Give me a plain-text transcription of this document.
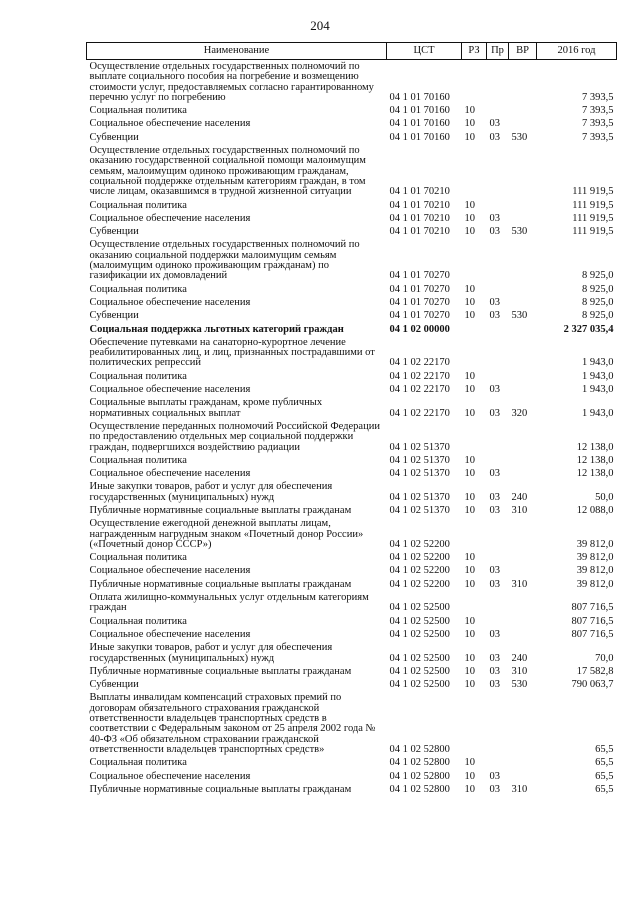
204
Наименование	ЦСТ	РЗ	Пр	ВР	2016 год
Осуществление отдельных государственных полномочий по выплате социального пособия на погребение и возмещению стоимости услуг, предоставляемых согласно гарантированному перечню услуг по погребению	04 1 01 70160				7 393,5
Социальная политика	04 1 01 70160	10			7 393,5
Социальное обеспечение населения	04 1 01 70160	10	03		7 393,5
Субвенции	04 1 01 70160	10	03	530	7 393,5
Осуществление отдельных государственных полномочий по оказанию государственной социальной помощи малоимущим семьям, малоимущим одиноко проживающим гражданам, социальной поддержке отдельным категориям граждан, в том числе лицам, оказавшимся в трудной жизненной ситуации	04 1 01 70210				111 919,5
Социальная политика	04 1 01 70210	10			111 919,5
Социальное обеспечение населения	04 1 01 70210	10	03		111 919,5
Субвенции	04 1 01 70210	10	03	530	111 919,5
Осуществление отдельных государственных полномочий по оказанию социальной поддержки малоимущим семьям (малоимущим одиноко проживающим гражданам) по газификации их домовладений	04 1 01 70270				8 925,0
Социальная политика	04 1 01 70270	10			8 925,0
Социальное обеспечение населения	04 1 01 70270	10	03		8 925,0
Субвенции	04 1 01 70270	10	03	530	8 925,0
Социальная поддержка льготных категорий граждан	04 1 02 00000				2 327 035,4
Обеспечение путевками на санаторно-курортное лечение реабилитированных лиц, и лиц, признанных пострадавшими от политических репрессий	04 1 02 22170				1 943,0
Социальная политика	04 1 02 22170	10			1 943,0
Социальное обеспечение населения	04 1 02 22170	10	03		1 943,0
Социальные выплаты гражданам, кроме публичных нормативных социальных выплат	04 1 02 22170	10	03	320	1 943,0
Осуществление переданных полномочий Российской Федерации по предоставлению отдельных мер социальной поддержки граждан, подвергшихся воздействию радиации	04 1 02 51370				12 138,0
Социальная политика	04 1 02 51370	10			12 138,0
Социальное обеспечение населения	04 1 02 51370	10	03		12 138,0
Иные закупки товаров, работ и услуг для обеспечения государственных (муниципальных) нужд	04 1 02 51370	10	03	240	50,0
Публичные нормативные социальные выплаты гражданам	04 1 02 51370	10	03	310	12 088,0
Осуществление ежегодной денежной выплаты лицам, награжденным нагрудным знаком «Почетный донор России» («Почетный донор СССР»)	04 1 02 52200				39 812,0
Социальная политика	04 1 02 52200	10			39 812,0
Социальное обеспечение населения	04 1 02 52200	10	03		39 812,0
Публичные нормативные социальные выплаты гражданам	04 1 02 52200	10	03	310	39 812,0
Оплата жилищно-коммунальных услуг отдельным категориям граждан	04 1 02 52500				807 716,5
Социальная политика	04 1 02 52500	10			807 716,5
Социальное обеспечение населения	04 1 02 52500	10	03		807 716,5
Иные закупки товаров, работ и услуг для обеспечения государственных (муниципальных) нужд	04 1 02 52500	10	03	240	70,0
Публичные нормативные социальные выплаты гражданам	04 1 02 52500	10	03	310	17 582,8
Субвенции	04 1 02 52500	10	03	530	790 063,7
Выплаты инвалидам компенсаций страховых премий по договорам обязательного страхования гражданской ответственности владельцев транспортных средств в соответствии с Федеральным законом от 25 апреля 2002 года № 40-ФЗ «Об обязательном страховании гражданской ответственности владельцев транспортных средств»	04 1 02 52800				65,5
Социальная политика	04 1 02 52800	10			65,5
Социальное обеспечение населения	04 1 02 52800	10	03		65,5
Публичные нормативные социальные выплаты гражданам	04 1 02 52800	10	03	310	65,5
